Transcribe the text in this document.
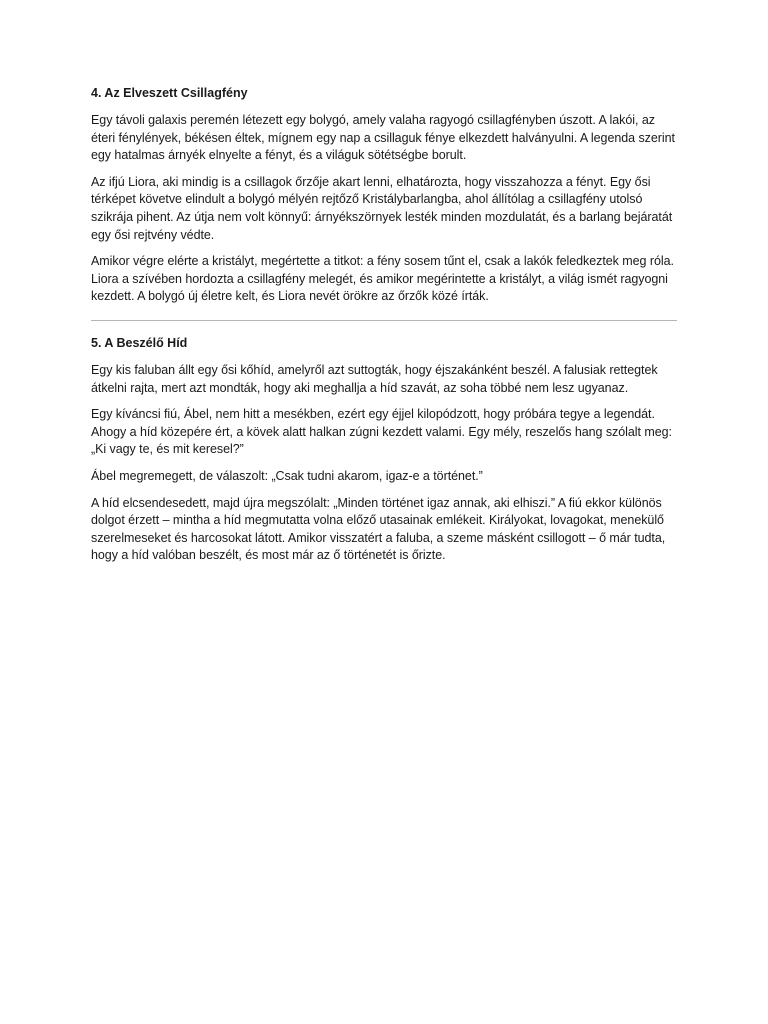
4. Az Elveszett Csillagfény

Egy távoli galaxis peremén létezett egy bolygó, amely valaha ragyogó csillagfényben úszott. A lakói, az éteri fénylények, békésen éltek, mígnem egy nap a csillaguk fénye elkezdett halványulni. A legenda szerint egy hatalmas árnyék elnyelte a fényt, és a világuk sötétségbe borult.

Az ifjú Liora, aki mindig is a csillagok őrzője akart lenni, elhatározta, hogy visszahozza a fényt. Egy ősi térképet követve elindult a bolygó mélyén rejtőző Kristálybarlangba, ahol állítólag a csillagfény utolsó szikrája pihent. Az útja nem volt könnyű: árnyékszörnyek lesték minden mozdulatát, és a barlang bejáratát egy ősi rejtvény védte.

Amikor végre elérte a kristályt, megértette a titkot: a fény sosem tűnt el, csak a lakók feledkeztek meg róla. Liora a szívében hordozta a csillagfény melegét, és amikor megérintette a kristályt, a világ ismét ragyogni kezdett. A bolygó új életre kelt, és Liora nevét örökre az őrzők közé írták.

5. A Beszélő Híd

Egy kis faluban állt egy ősi kőhíd, amelyről azt suttogták, hogy éjszakánként beszél. A falusiak rettegtek átkelni rajta, mert azt mondták, hogy aki meghallja a híd szavát, az soha többé nem lesz ugyanaz.

Egy kíváncsi fiú, Ábel, nem hitt a mesékben, ezért egy éjjel kilopódzott, hogy próbára tegye a legendát. Ahogy a híd közepére ért, a kövek alatt halkan zúgni kezdett valami. Egy mély, reszelős hang szólalt meg: „Ki vagy te, és mit keresel?”

Ábel megremegett, de válaszolt: „Csak tudni akarom, igaz-e a történet.”

A híd elcsendesedett, majd újra megszólalt: „Minden történet igaz annak, aki elhiszi.” A fiú ekkor különös dolgot érzett – mintha a híd megmutatta volna előző utasainak emlékeit. Királyokat, lovagokat, menekülő szerelmeseket és harcosokat látott. Amikor visszatért a faluba, a szeme másként csillogott – ő már tudta, hogy a híd valóban beszélt, és most már az ő történetét is őrizte.
